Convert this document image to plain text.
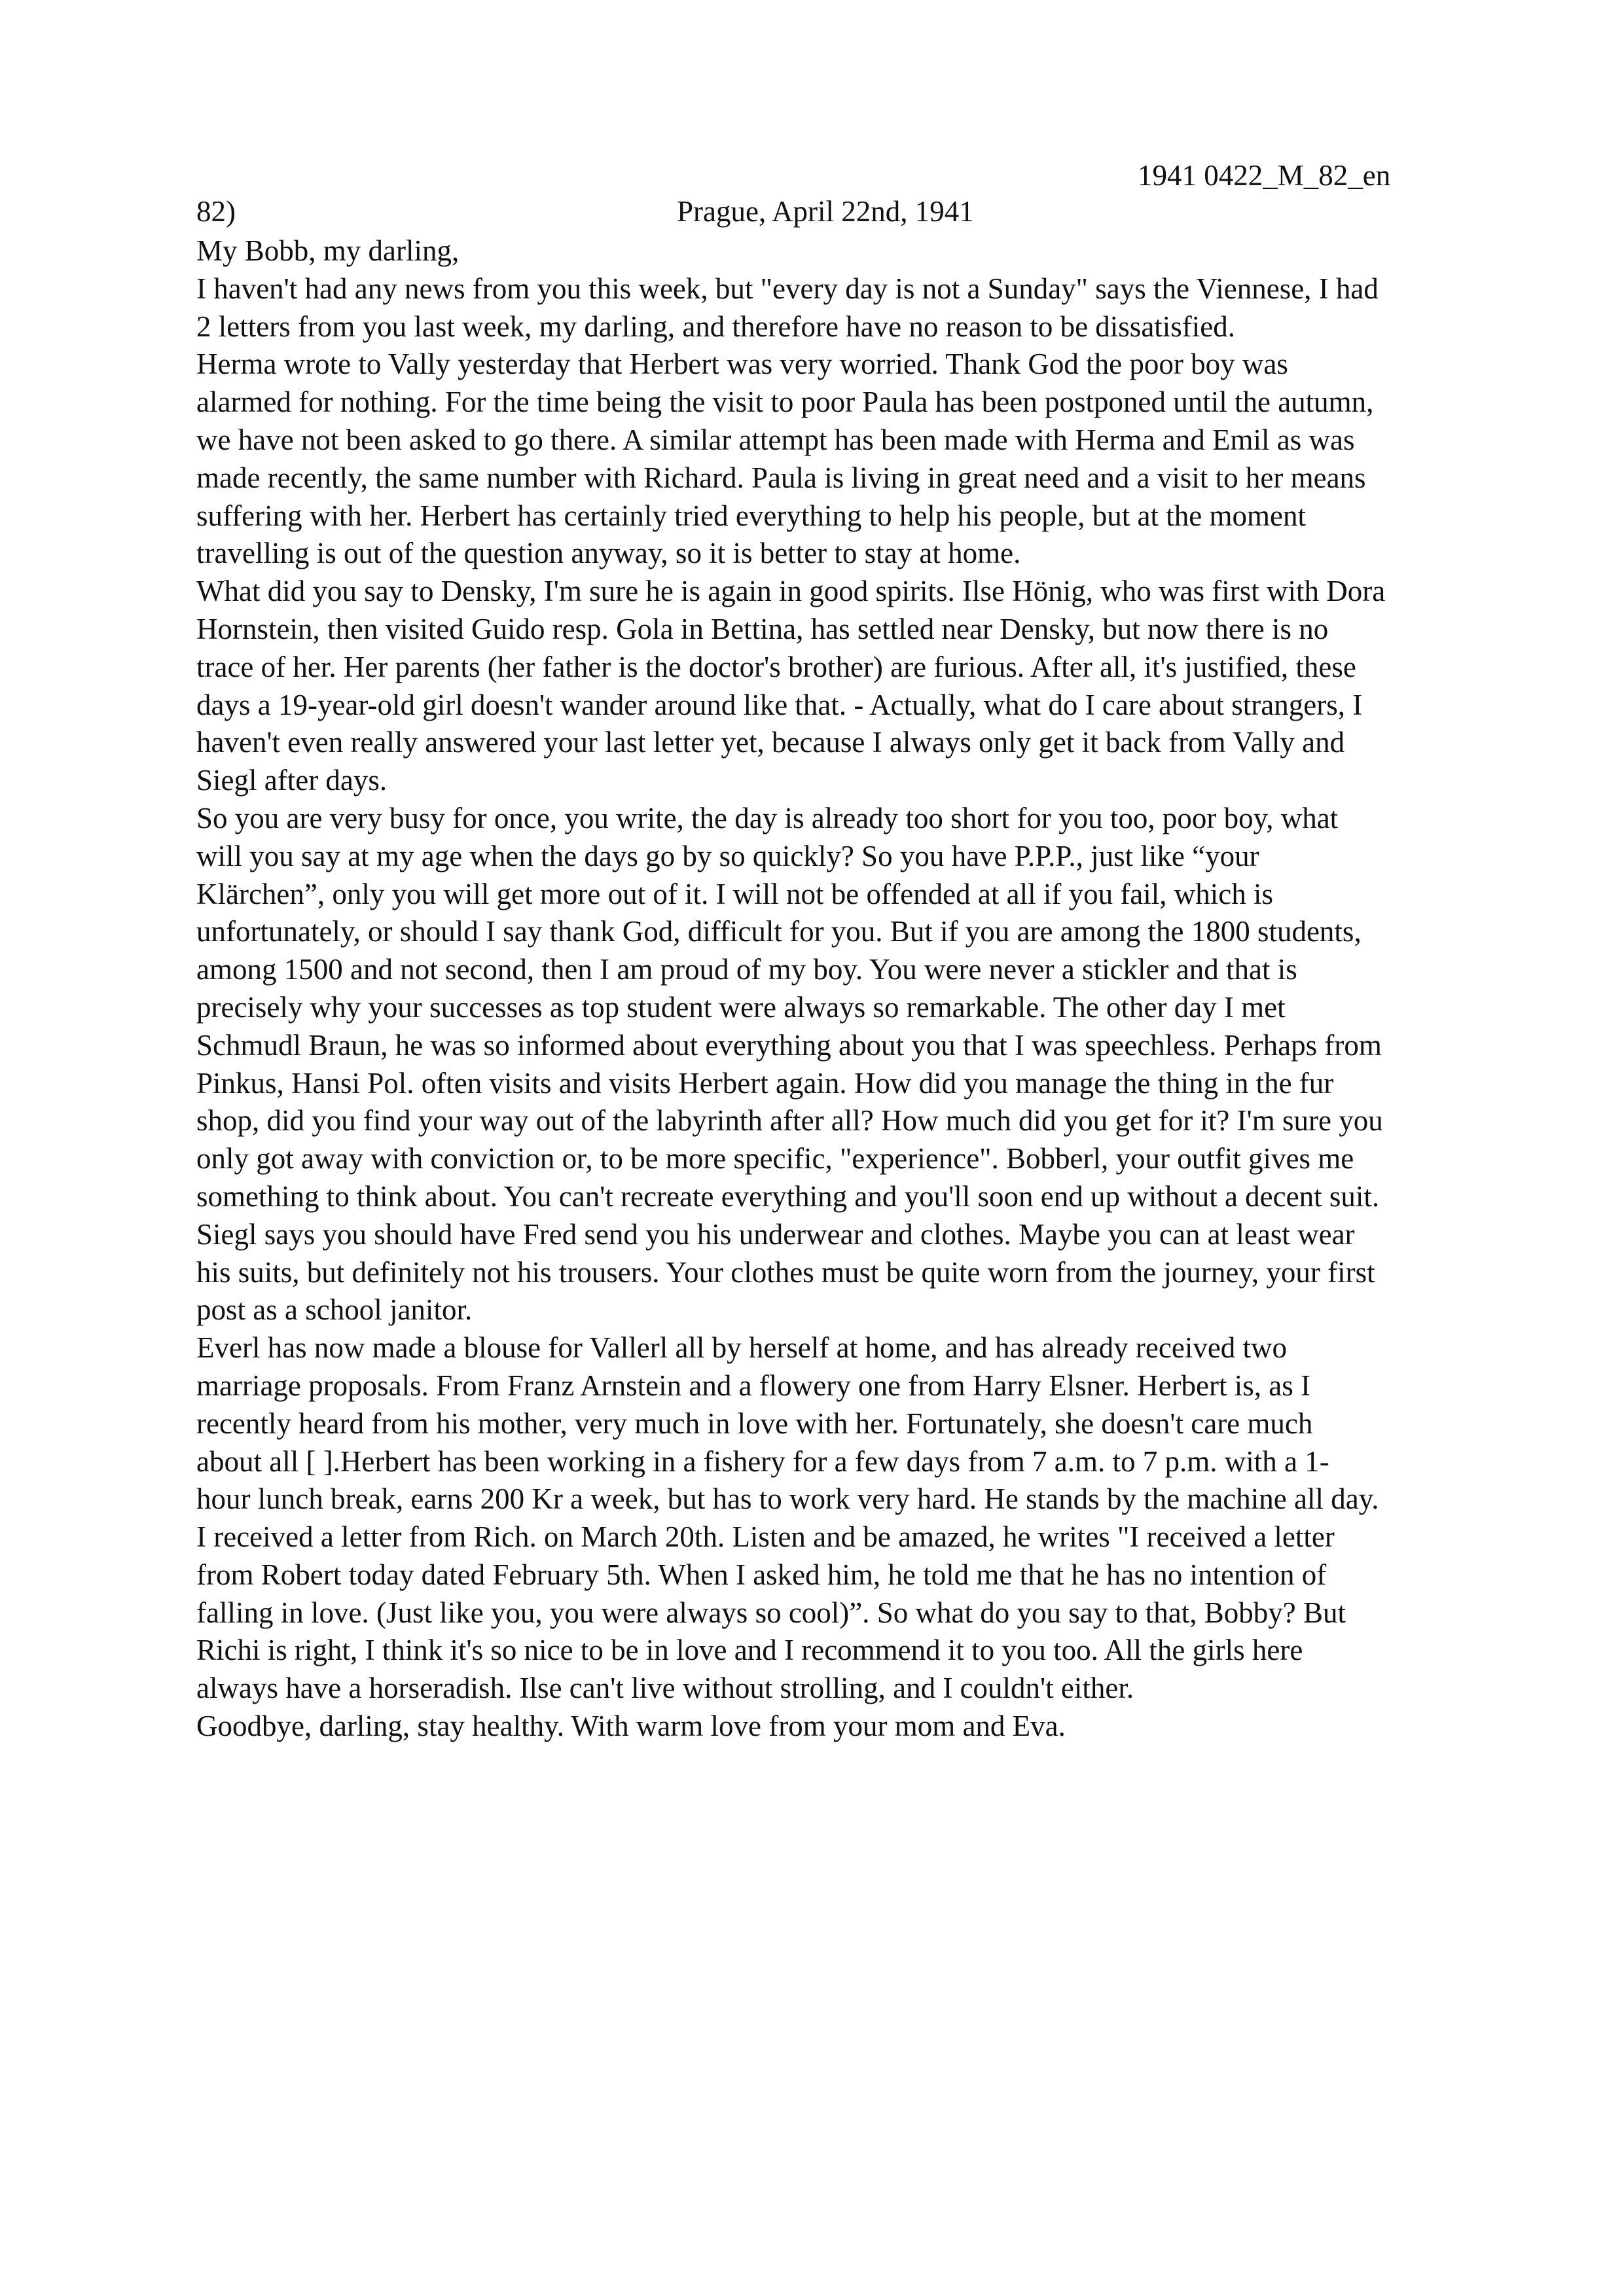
1941 0422_M_82_en
82)	Prague, April 22nd, 1941
My Bobb, my darling,
I haven't had any news from you this week, but "every day is not a Sunday" says the Viennese, I had
2 letters from you last week, my darling, and therefore have no reason to be dissatisfied.
Herma wrote to Vally yesterday that Herbert was very worried. Thank God the poor boy was
alarmed for nothing. For the time being the visit to poor Paula has been postponed until the autumn,
we have not been asked to go there. A similar attempt has been made with Herma and Emil as was
made recently, the same number with Richard. Paula is living in great need and a visit to her means
suffering with her. Herbert has certainly tried everything to help his people, but at the moment
travelling is out of the question anyway, so it is better to stay at home.
What did you say to Densky, I'm sure he is again in good spirits. Ilse Hönig, who was first with Dora
Hornstein, then visited Guido resp. Gola in Bettina, has settled near Densky, but now there is no
trace of her. Her parents (her father is the doctor's brother) are furious. After all, it's justified, these
days a 19-year-old girl doesn't wander around like that. - Actually, what do I care about strangers, I
haven't even really answered your last letter yet, because I always only get it back from Vally and
Siegl after days.
So you are very busy for once, you write, the day is already too short for you too, poor boy, what
will you say at my age when the days go by so quickly? So you have P.P.P., just like “your
Klärchen”, only you will get more out of it. I will not be offended at all if you fail, which is
unfortunately, or should I say thank God, difficult for you. But if you are among the 1800 students,
among 1500 and not second, then I am proud of my boy. You were never a stickler and that is
precisely why your successes as top student were always so remarkable. The other day I met
Schmudl Braun, he was so informed about everything about you that I was speechless. Perhaps from
Pinkus, Hansi Pol. often visits and visits Herbert again. How did you manage the thing in the fur
shop, did you find your way out of the labyrinth after all? How much did you get for it? I'm sure you
only got away with conviction or, to be more specific, "experience". Bobberl, your outfit gives me
something to think about. You can't recreate everything and you'll soon end up without a decent suit.
Siegl says you should have Fred send you his underwear and clothes. Maybe you can at least wear
his suits, but definitely not his trousers. Your clothes must be quite worn from the journey, your first
post as a school janitor.
Everl has now made a blouse for Vallerl all by herself at home, and has already received two
marriage proposals. From Franz Arnstein and a flowery one from Harry Elsner. Herbert is, as I
recently heard from his mother, very much in love with her. Fortunately, she doesn't care much
about all [ ].Herbert has been working in a fishery for a few days from 7 a.m. to 7 p.m. with a 1-
hour lunch break, earns 200 Kr a week, but has to work very hard. He stands by the machine all day.
I received a letter from Rich. on March 20th. Listen and be amazed, he writes "I received a letter
from Robert today dated February 5th. When I asked him, he told me that he has no intention of
falling in love. (Just like you, you were always so cool)”. So what do you say to that, Bobby? But
Richi is right, I think it's so nice to be in love and I recommend it to you too. All the girls here
always have a horseradish. Ilse can't live without strolling, and I couldn't either.
Goodbye, darling, stay healthy. With warm love from your mom and Eva.
